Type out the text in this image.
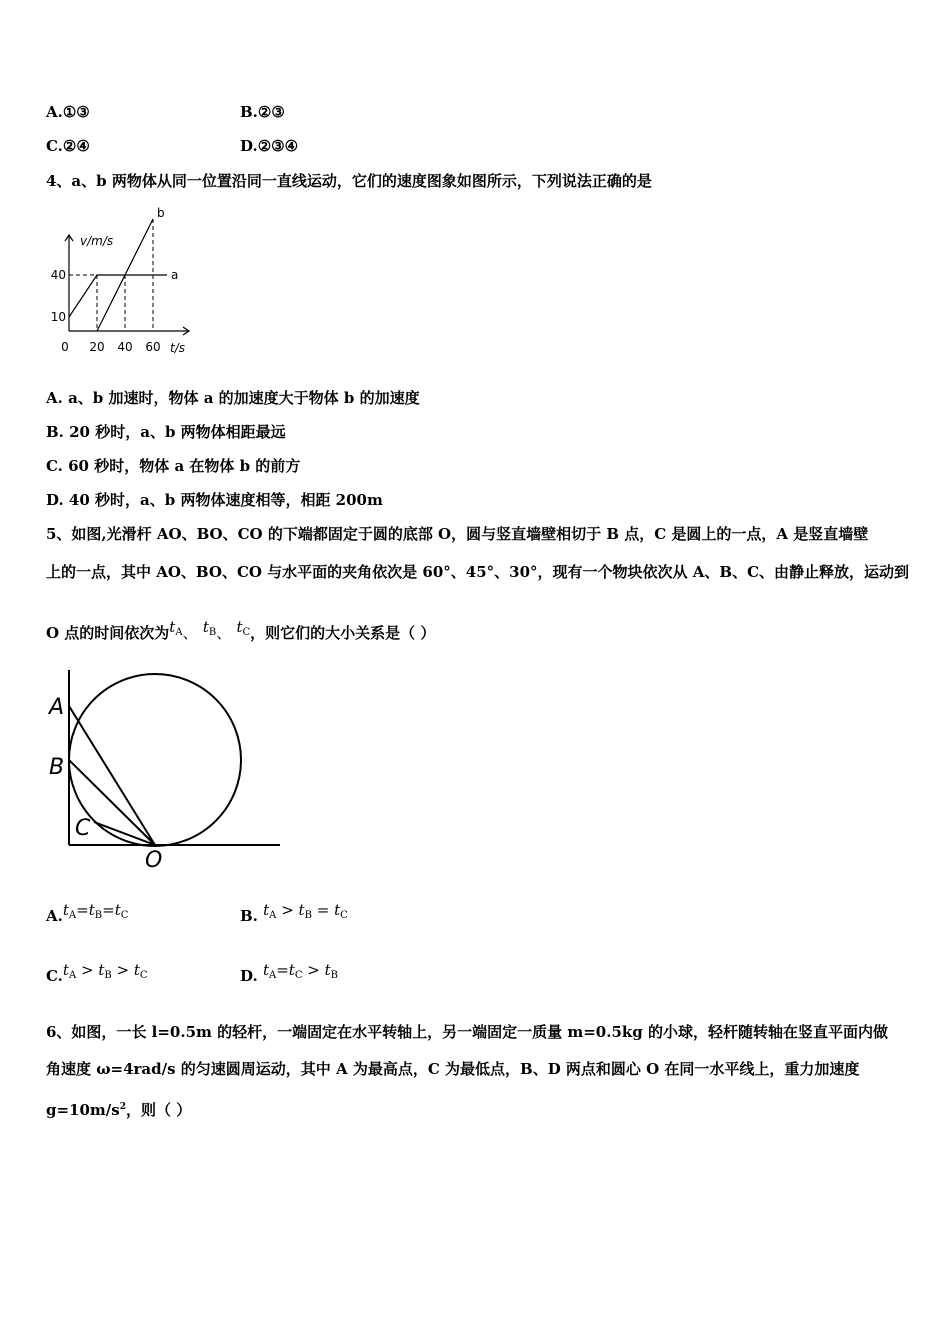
A.①③	B.②③
C.②④	D.②③④
4、a、b 两物体从同一位置沿同一直线运动，它们的速度图象如图所示，下列说法正确的是
0 20 40 60
10
40
t/s
v/m/s
a
b
A. a、b 加速时，物体 a 的加速度大于物体 b 的加速度
B. 20 秒时，a、b 两物体相距最远
C. 60 秒时，物体 a 在物体 b 的前方
D. 40 秒时，a、b 两物体速度相等，相距 200m
5、如图,光滑杆 AO、BO、CO 的下端都固定于圆的底部 O，圆与竖直墙壁相切于 B 点，C 是圆上的一点，A 是竖直墙壁
上的一点，其中 AO、BO、CO 与水平面的夹角依次是 60°、45°、30°，现有一个物块依次从 A、B、C、由静止释放，运动到
O 点的时间依次为$t_A$、 $t_B$、 $t_C$，则它们的大小关系是（ ）
A
B
C
O
$A.t_A=t_B=t_C$	B. $t_A > t_B = t_C$
$C.t_A > t_B > t_C$	D. $t_A=t_C > t_B$
6、如图，一长 l=0.5m 的轻杆，一端固定在水平转轴上，另一端固定一质量 m=0.5kg 的小球，轻杆随转轴在竖直平面内做
角速度 ω=4rad/s 的匀速圆周运动，其中 A 为最高点，C 为最低点，B、D 两点和圆心 O 在同一水平线上，重力加速度
$g=10m/s^2$，则（ ）
